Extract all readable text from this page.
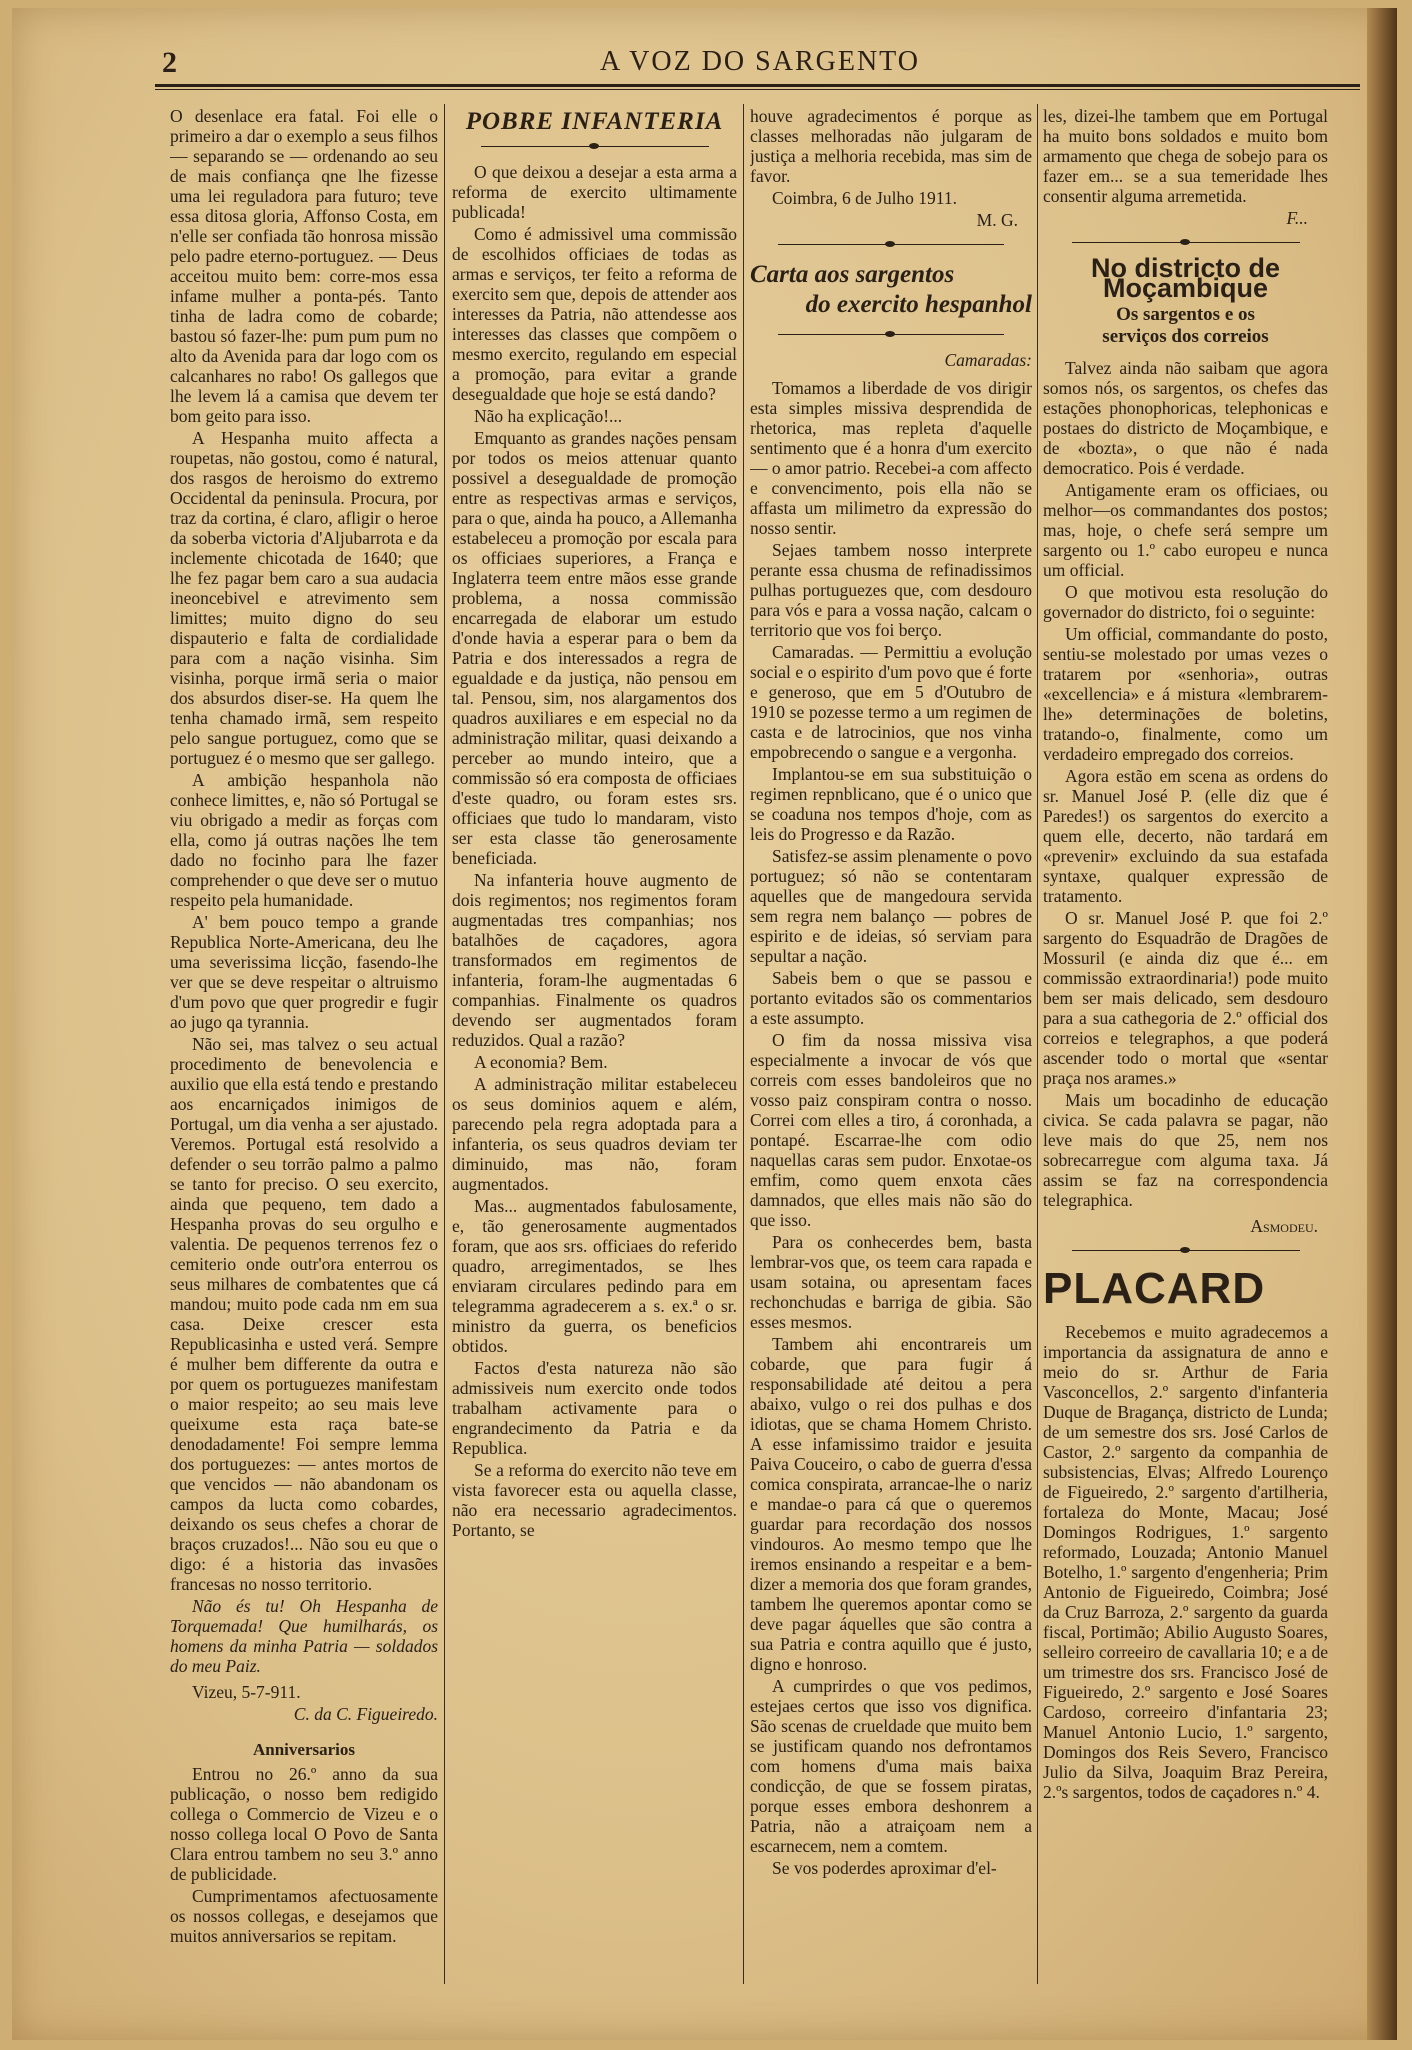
2	A VOZ DO SARGENTO

O desenlace era fatal. Foi elle o primeiro a dar o exemplo a seus filhos — separando se — ordenando ao seu de mais confiança qne lhe fizesse uma lei reguladora para futuro; teve essa ditosa gloria, Affonso Costa, em n'elle ser confiada tão honrosa missão pelo padre eterno-portuguez. — Deus acceitou muito bem: corre-mos essa infame mulher a ponta-pés. Tanto tinha de ladra como de cobarde; bastou só fazer-lhe: pum pum pum no alto da Avenida para dar logo com os calcanhares no rabo! Os gallegos que lhe levem lá a camisa que devem ter bom geito para isso.

A Hespanha muito affecta a roupetas, não gostou, como é natural, dos rasgos de heroismo do extremo Occidental da peninsula. Procura, por traz da cortina, é claro, afligir o heroe da soberba victoria d'Aljubarrota e da inclemente chicotada de 1640; que lhe fez pagar bem caro a sua audacia ineoncebivel e atrevimento sem limittes; muito digno do seu dispauterio e falta de cordialidade para com a nação visinha. Sim visinha, porque irmã seria o maior dos absurdos diser-se. Ha quem lhe tenha chamado irmã, sem respeito pelo sangue portuguez, como que se portuguez é o mesmo que ser gallego.

A ambição hespanhola não conhece limittes, e, não só Portugal se viu obrigado a medir as forças com ella, como já outras nações lhe tem dado no focinho para lhe fazer comprehender o que deve ser o mutuo respeito pela humanidade.

A' bem pouco tempo a grande Republica Norte-Americana, deu lhe uma severissima licção, fasendo-lhe ver que se deve respeitar o altruismo d'um povo que quer progredir e fugir ao jugo qa tyrannia.

Não sei, mas talvez o seu actual procedimento de benevolencia e auxilio que ella está tendo e prestando aos encarniçados inimigos de Portugal, um dia venha a ser ajustado. Veremos. Portugal está resolvido a defender o seu torrão palmo a palmo se tanto for preciso. O seu exercito, ainda que pequeno, tem dado a Hespanha provas do seu orgulho e valentia. De pequenos terrenos fez o cemiterio onde outr'ora enterrou os seus milhares de combatentes que cá mandou; muito pode cada nm em sua casa. Deixe crescer esta Republicasinha e usted verá. Sempre é mulher bem differente da outra e por quem os portuguezes manifestam o maior respeito; ao seu mais leve queixume esta raça bate-se denodadamente! Foi sempre lemma dos portuguezes: — antes mortos de que vencidos — não abandonam os campos da lucta como cobardes, deixando os seus chefes a chorar de braços cruzados!... Não sou eu que o digo: é a historia das invasões francesas no nosso territorio.

Não és tu! Oh Hespanha de Torquemada! Que humilharás, os homens da minha Patria — soldados do meu Paiz.

Vizeu, 5-7-911.

C. da C. Figueiredo.

Anniversarios

Entrou no 26.º anno da sua publicação, o nosso bem redigido collega o Commercio de Vizeu e o nosso collega local O Povo de Santa Clara entrou tambem no seu 3.º anno de publicidade.

Cumprimentamos afectuosamente os nossos collegas, e desejamos que muitos anniversarios se repitam.

POBRE INFANTERIA

O que deixou a desejar a esta arma a reforma de exercito ultimamente publicada!

Como é admissivel uma commissão de escolhidos officiaes de todas as armas e serviços, ter feito a reforma de exercito sem que, depois de attender aos interesses da Patria, não attendesse aos interesses das classes que compõem o mesmo exercito, regulando em especial a promoção, para evitar a grande desegualdade que hoje se está dando?

Não ha explicação!...

Emquanto as grandes nações pensam por todos os meios attenuar quanto possivel a desegualdade de promoção entre as respectivas armas e serviços, para o que, ainda ha pouco, a Allemanha estabeleceu a promoção por escala para os officiaes superiores, a França e Inglaterra teem entre mãos esse grande problema, a nossa commissão encarregada de elaborar um estudo d'onde havia a esperar para o bem da Patria e dos interessados a regra de egualdade e da justiça, não pensou em tal. Pensou, sim, nos alargamentos dos quadros auxiliares e em especial no da administração militar, quasi deixando a perceber ao mundo inteiro, que a commissão só era composta de officiaes d'este quadro, ou foram estes srs. officiaes que tudo lo mandaram, visto ser esta classe tão generosamente beneficiada.

Na infanteria houve augmento de dois regimentos; nos regimentos foram augmentadas tres companhias; nos batalhões de caçadores, agora transformados em regimentos de infanteria, foram-lhe augmentadas 6 companhias. Finalmente os quadros devendo ser augmentados foram reduzidos. Qual a razão?

A economia? Bem.

A administração militar estabeleceu os seus dominios aquem e além, parecendo pela regra adoptada para a infanteria, os seus quadros deviam ter diminuido, mas não, foram augmentados.

Mas... augmentados fabulosamente, e, tão generosamente augmentados foram, que aos srs. officiaes do referido quadro, arregimentados, se lhes enviaram circulares pedindo para em telegramma agradecerem a s. ex.ª o sr. ministro da guerra, os beneficios obtidos.

Factos d'esta natureza não são admissiveis num exercito onde todos trabalham activamente para o engrandecimento da Patria e da Republica.

Se a reforma do exercito não teve em vista favorecer esta ou aquella classe, não era necessario agradecimentos. Portanto, se

houve agradecimentos é porque as classes melhoradas não julgaram de justiça a melhoria recebida, mas sim de favor.

Coimbra, 6 de Julho 1911.

M. G.

Carta aos sargentos
do exercito hespanhol
Camaradas:

Tomamos a liberdade de vos dirigir esta simples missiva desprendida de rhetorica, mas repleta d'aquelle sentimento que é a honra d'um exercito — o amor patrio. Recebei-a com affecto e convencimento, pois ella não se affasta um milimetro da expressão do nosso sentir.

Sejaes tambem nosso interprete perante essa chusma de refinadissimos pulhas portuguezes que, com desdouro para vós e para a vossa nação, calcam o territorio que vos foi berço.

Camaradas. — Permittiu a evolução social e o espirito d'um povo que é forte e generoso, que em 5 d'Outubro de 1910 se pozesse termo a um regimen de casta e de latrocinios, que nos vinha empobrecendo o sangue e a vergonha.

Implantou-se em sua substituição o regimen repnblicano, que é o unico que se coaduna nos tempos d'hoje, com as leis do Progresso e da Razão.

Satisfez-se assim plenamente o povo portuguez; só não se contentaram aquelles que de mangedoura servida sem regra nem balanço — pobres de espirito e de ideias, só serviam para sepultar a nação.

Sabeis bem o que se passou e portanto evitados são os commentarios a este assumpto.

O fim da nossa missiva visa especialmente a invocar de vós que correis com esses bandoleiros que no vosso paiz conspiram contra o nosso. Correi com elles a tiro, á coronhada, a pontapé. Escarrae-lhe com odio naquellas caras sem pudor. Enxotae-os emfim, como quem enxota cães damnados, que elles mais não são do que isso.

Para os conhecerdes bem, basta lembrar-vos que, os teem cara rapada e usam sotaina, ou apresentam faces rechonchudas e barriga de gibia. São esses mesmos.

Tambem ahi encontrareis um cobarde, que para fugir á responsabilidade até deitou a pera abaixo, vulgo o rei dos pulhas e dos idiotas, que se chama Homem Christo. A esse infamissimo traidor e jesuita Paiva Couceiro, o cabo de guerra d'essa comica conspirata, arrancae-lhe o nariz e mandae-o para cá que o queremos guardar para recordação dos nossos vindouros. Ao mesmo tempo que lhe iremos ensinando a respeitar e a bem-dizer a memoria dos que foram grandes, tambem lhe queremos apontar como se deve pagar áquelles que são contra a sua Patria e contra aquillo que é justo, digno e honroso.

A cumprirdes o que vos pedimos, estejaes certos que isso vos dignifica. São scenas de crueldade que muito bem se justificam quando nos defrontamos com homens d'uma mais baixa condicção, de que se fossem piratas, porque esses embora deshonrem a Patria, não a atraiçoam nem a escarnecem, nem a comtem.

Se vos poderdes aproximar d'el-

les, dizei-lhe tambem que em Portugal ha muito bons soldados e muito bom armamento que chega de sobejo para os fazer em... se a sua temeridade lhes consentir alguma arremetida.

F...

No districto de Moçambique
Os sargentos e os
serviços dos correios

Talvez ainda não saibam que agora somos nós, os sargentos, os chefes das estações phonophoricas, telephonicas e postaes do districto de Moçambique, e de «bozta», o que não é nada democratico. Pois é verdade.

Antigamente eram os officiaes, ou melhor—os commandantes dos postos; mas, hoje, o chefe será sempre um sargento ou 1.º cabo europeu e nunca um official.

O que motivou esta resolução do governador do districto, foi o seguinte:

Um official, commandante do posto, sentiu-se molestado por umas vezes o tratarem por «senhoria», outras «excellencia» e á mistura «lembrarem-lhe» determinações de boletins, tratando-o, finalmente, como um verdadeiro empregado dos correios.

Agora estão em scena as ordens do sr. Manuel José P. (elle diz que é Paredes!) os sargentos do exercito a quem elle, decerto, não tardará em «prevenir» excluindo da sua estafada syntaxe, qualquer expressão de tratamento.

O sr. Manuel José P. que foi 2.º sargento do Esquadrão de Dragões de Mossuril (e ainda diz que é... em commissão extraordinaria!) pode muito bem ser mais delicado, sem desdouro para a sua cathegoria de 2.º official dos correios e telegraphos, a que poderá ascender todo o mortal que «sentar praça nos arames.»

Mais um bocadinho de educação civica. Se cada palavra se pagar, não leve mais do que 25, nem nos sobrecarregue com alguma taxa. Já assim se faz na correspondencia telegraphica.

Asmodeu.

PLACARD

Recebemos e muito agradecemos a importancia da assignatura de anno e meio do sr. Arthur de Faria Vasconcellos, 2.º sargento d'infanteria Duque de Bragança, districto de Lunda; de um semestre dos srs. José Carlos de Castor, 2.º sargento da companhia de subsistencias, Elvas; Alfredo Lourenço de Figueiredo, 2.º sargento d'artilheria, fortaleza do Monte, Macau; José Domingos Rodrigues, 1.º sargento reformado, Louzada; Antonio Manuel Botelho, 1.º sargento d'engenheria; Prim Antonio de Figueiredo, Coimbra; José da Cruz Barroza, 2.º sargento da guarda fiscal, Portimão; Abilio Augusto Soares, selleiro correeiro de cavallaria 10; e a de um trimestre dos srs. Francisco José de Figueiredo, 2.º sargento e José Soares Cardoso, correeiro d'infantaria 23; Manuel Antonio Lucio, 1.º sargento, Domingos dos Reis Severo, Francisco Julio da Silva, Joaquim Braz Pereira, 2.ºs sargentos, todos de caçadores n.º 4.
